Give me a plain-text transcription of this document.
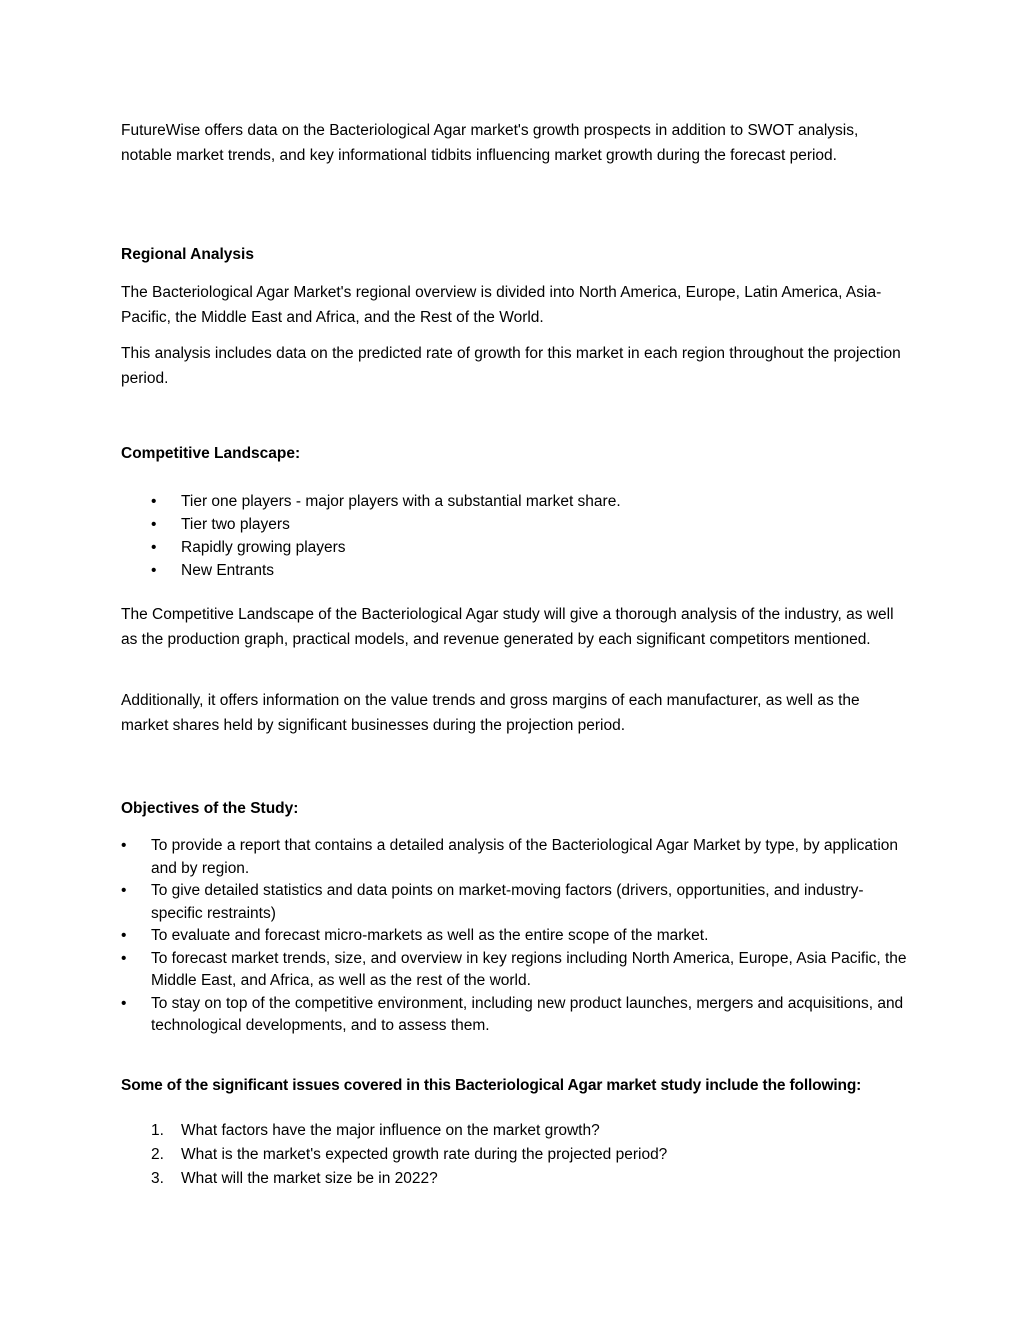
FutureWise offers data on the Bacteriological Agar market's growth prospects in addition to SWOT analysis, notable market trends, and key informational tidbits influencing market growth during the forecast period.

Regional Analysis

The Bacteriological Agar Market's regional overview is divided into North America, Europe, Latin America, Asia-Pacific, the Middle East and Africa, and the Rest of the World.

This analysis includes data on the predicted rate of growth for this market in each region throughout the projection period.

Competitive Landscape:

• Tier one players - major players with a substantial market share.
• Tier two players
• Rapidly growing players
• New Entrants

The Competitive Landscape of the Bacteriological Agar study will give a thorough analysis of the industry, as well as the production graph, practical models, and revenue generated by each significant competitors mentioned.

Additionally, it offers information on the value trends and gross margins of each manufacturer, as well as the market shares held by significant businesses during the projection period.

Objectives of the Study:

• To provide a report that contains a detailed analysis of the Bacteriological Agar Market by type, by application and by region.
• To give detailed statistics and data points on market-moving factors (drivers, opportunities, and industry-specific restraints)
• To evaluate and forecast micro-markets as well as the entire scope of the market.
• To forecast market trends, size, and overview in key regions including North America, Europe, Asia Pacific, the Middle East, and Africa, as well as the rest of the world.
• To stay on top of the competitive environment, including new product launches, mergers and acquisitions, and technological developments, and to assess them.

Some of the significant issues covered in this Bacteriological Agar market study include the following:

1. What factors have the major influence on the market growth?
2. What is the market's expected growth rate during the projected period?
3. What will the market size be in 2022?
